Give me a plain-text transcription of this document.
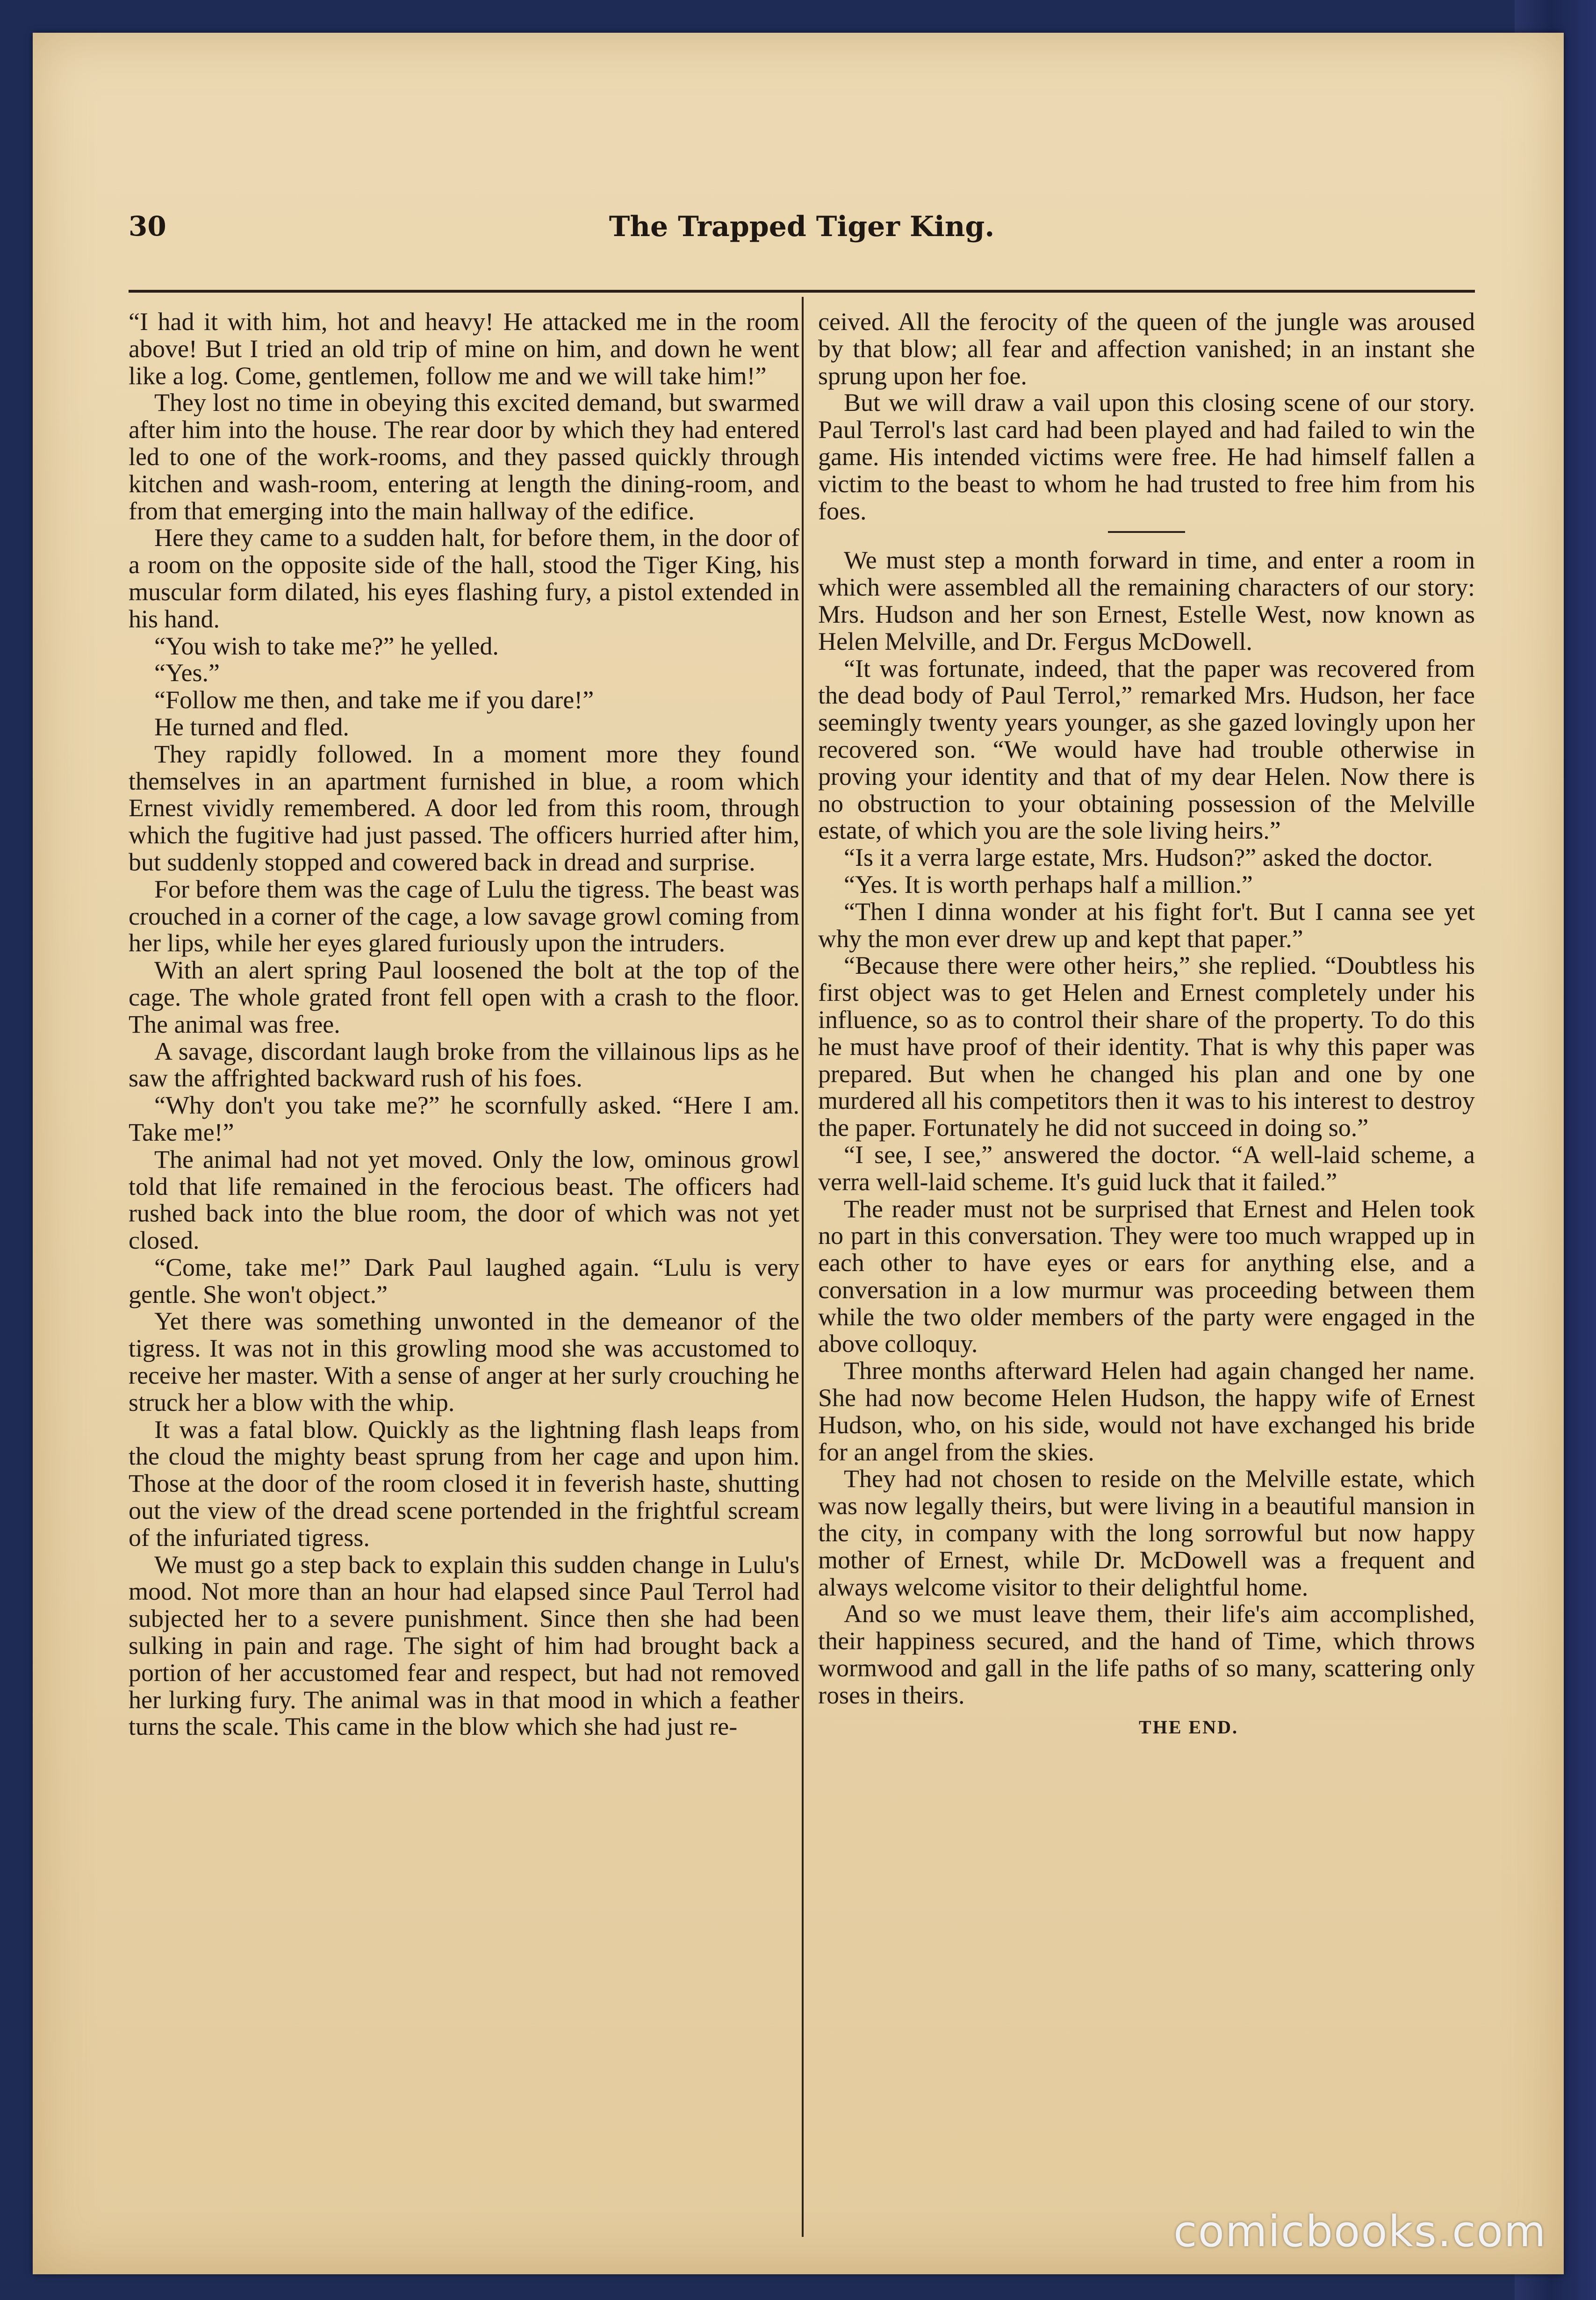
30	The Trapped Tiger King.

“I had it with him, hot and heavy! He attacked me in the room above! But I tried an old trip of mine on him, and down he went like a log. Come, gentlemen, follow me and we will take him!”

They lost no time in obeying this excited demand, but swarmed after him into the house. The rear door by which they had entered led to one of the work-rooms, and they passed quickly through kitchen and wash-room, entering at length the dining-room, and from that emerging into the main hallway of the edifice.

Here they came to a sudden halt, for before them, in the door of a room on the opposite side of the hall, stood the Tiger King, his muscular form dilated, his eyes flashing fury, a pistol extended in his hand.

“You wish to take me?” he yelled.

“Yes.”

“Follow me then, and take me if you dare!”

He turned and fled.

They rapidly followed. In a moment more they found themselves in an apartment furnished in blue, a room which Ernest vividly remembered. A door led from this room, through which the fugitive had just passed. The officers hurried after him, but suddenly stopped and cowered back in dread and surprise.

For before them was the cage of Lulu the tigress. The beast was crouched in a corner of the cage, a low savage growl coming from her lips, while her eyes glared furiously upon the intruders.

With an alert spring Paul loosened the bolt at the top of the cage. The whole grated front fell open with a crash to the floor. The animal was free.

A savage, discordant laugh broke from the villainous lips as he saw the affrighted backward rush of his foes.

“Why don't you take me?” he scornfully asked. “Here I am. Take me!”

The animal had not yet moved. Only the low, ominous growl told that life remained in the ferocious beast. The officers had rushed back into the blue room, the door of which was not yet closed.

“Come, take me!” Dark Paul laughed again. “Lulu is very gentle. She won't object.”

Yet there was something unwonted in the demeanor of the tigress. It was not in this growling mood she was accustomed to receive her master. With a sense of anger at her surly crouching he struck her a blow with the whip.

It was a fatal blow. Quickly as the lightning flash leaps from the cloud the mighty beast sprung from her cage and upon him. Those at the door of the room closed it in feverish haste, shutting out the view of the dread scene portended in the frightful scream of the infuriated tigress.

We must go a step back to explain this sudden change in Lulu's mood. Not more than an hour had elapsed since Paul Terrol had subjected her to a severe punishment. Since then she had been sulking in pain and rage. The sight of him had brought back a portion of her accustomed fear and respect, but had not removed her lurking fury. The animal was in that mood in which a feather turns the scale. This came in the blow which she had just re-

ceived. All the ferocity of the queen of the jungle was aroused by that blow; all fear and affection vanished; in an instant she sprung upon her foe.

But we will draw a vail upon this closing scene of our story. Paul Terrol's last card had been played and had failed to win the game. His intended victims were free. He had himself fallen a victim to the beast to whom he had trusted to free him from his foes.

We must step a month forward in time, and enter a room in which were assembled all the remaining characters of our story: Mrs. Hudson and her son Ernest, Estelle West, now known as Helen Melville, and Dr. Fergus McDowell.

“It was fortunate, indeed, that the paper was recovered from the dead body of Paul Terrol,” remarked Mrs. Hudson, her face seemingly twenty years younger, as she gazed lovingly upon her recovered son. “We would have had trouble otherwise in proving your identity and that of my dear Helen. Now there is no obstruction to your obtaining possession of the Melville estate, of which you are the sole living heirs.”

“Is it a verra large estate, Mrs. Hudson?” asked the doctor.

“Yes. It is worth perhaps half a million.”

“Then I dinna wonder at his fight for't. But I canna see yet why the mon ever drew up and kept that paper.”

“Because there were other heirs,” she replied. “Doubtless his first object was to get Helen and Ernest completely under his influence, so as to control their share of the property. To do this he must have proof of their identity. That is why this paper was prepared. But when he changed his plan and one by one murdered all his competitors then it was to his interest to destroy the paper. Fortunately he did not succeed in doing so.”

“I see, I see,” answered the doctor. “A well-laid scheme, a verra well-laid scheme. It's guid luck that it failed.”

The reader must not be surprised that Ernest and Helen took no part in this conversation. They were too much wrapped up in each other to have eyes or ears for anything else, and a conversation in a low murmur was proceeding between them while the two older members of the party were engaged in the above colloquy.

Three months afterward Helen had again changed her name. She had now become Helen Hudson, the happy wife of Ernest Hudson, who, on his side, would not have exchanged his bride for an angel from the skies.

They had not chosen to reside on the Melville estate, which was now legally theirs, but were living in a beautiful mansion in the city, in company with the long sorrowful but now happy mother of Ernest, while Dr. McDowell was a frequent and always welcome visitor to their delightful home.

And so we must leave them, their life's aim accomplished, their happiness secured, and the hand of Time, which throws wormwood and gall in the life paths of so many, scattering only roses in theirs.

THE END.
comicbooks.com
